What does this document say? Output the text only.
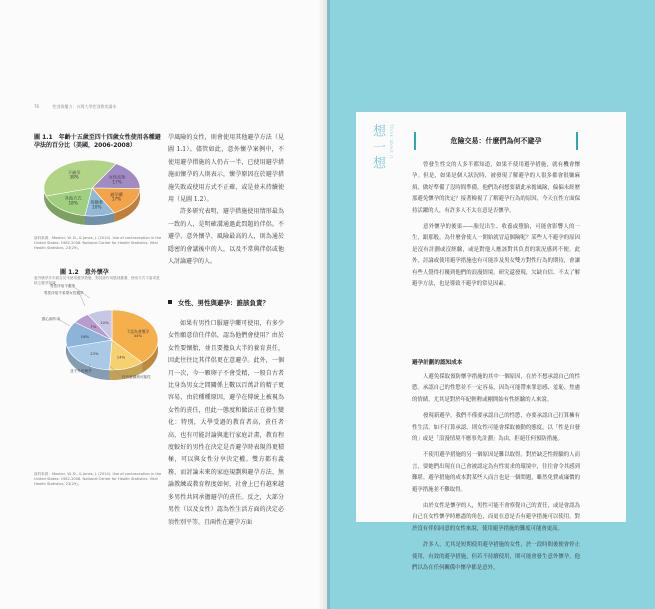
76	性別與權力：台灣大學性別教育讀本
圖 1.1　年齡十五歲至四十四歲女性使用各種避孕法的百分比（美國，2006-2008）
女性結紮
17%
避孕藥
17%
保險套
10%
其他方式
18%
不避孕
38%
資料來源：Mosher, W. D., & Jones, J. (2010). Use of contraception in the United States: 1982-2008. National Center for Health Statistics. Vital Health Statistics, 23(29)。
圖 1.2　意外懷孕
意外懷孕多半源自於未使用避孕措施、對其副作用感到憂慮、使用方式不當或是缺乏避孕知識
不認為會懷孕
44%
14%
23%
16%
7%
10%
男性伴侶不避孕
男性伴侶不希望女性避孕
擔心副作用
並不介意懷孕
沒有意識到可能性
資料來源：Mosher, W. D., & Jones, J. (2010). Use of contraception in the United States: 1982-2008. National Center for Health Statistics. Vital Health Statistics, 23(29)。

孕風險的女性，則會使用其他避孕方法（見圖 1.1）。儘管如此，意外懷孕案例中，不使用避孕措施的人仍占一半，已使用避孕措施而懷孕的人則表示，懷孕原因在於避孕措施失敗或使用方式不正確，或是並未持續使用（見圖 1.2）。

許多研究表明，避孕措施使用情形最為一致的人，是明確溝通過此問題的伴侶。不避孕、意外懷孕、風險最高的人，則為通於隱密的會議後中的人，以及不常與伴侶或他人討論避孕的人。

女性、男性與避孕：誰該負責？

如果有男性口服避孕藥可使用，有多少女性願意信任伴侶，認為他們會使用？由於女性要懷胎，並且要擔負大半的養育責任，因此往往比其伴侶更在意避孕。此外，一個月一次，今一顆卵子不會受精，一般自古者比身為男女之間關係上數以百萬計的精子更容易，由於種種原因，避孕在傳統上被視為女性的責任，但此一態度和做法正在發生變化：特別，大學受過的教育者高，責任者高，也有可能討論與進行家庭計畫，教育程度較好的男性在決定是否避孕時表現得更積極，可以與女性分享決定權。雙方都有義務，而討論未來的家庭規劃與避孕方法、無論教練或教育程度如何，社會上已有越來越多男性共同承擔避孕的責任。反之，大部分男性（以及女性）認為性生活方面的決定必須性別平等，且兩性在避孕方面

想一想	Think about it	危險交易：什麼們為何不避孕

曾發生性交的人多半都知道，如果不使用避孕措施，就有機會懷孕。但是，如果是個人狀況時，被發現了解避孕的人很多都會很嫌麻煩，做好準備了沒時間準備。他們為何想要藉此承擔風險，偏偏未經歷那避免懷孕的決定？接著檢視了了解避孕行為的原因，今天在性方面保持活躍的人，有許多人不太在意是否懷孕。

意外懷孕的後果——胎兒出生、收養或墮胎，可能會影響人的一生，跟那般，為什麼會使人一開始就冒這個險呢？某些人不避孕的原因是沒有計劃或沒經驗，或是對他人應該對其負責的狀況感到不便。此外，討論或使用避孕措施也有可能涉及男女雙方對性行為的期待，會讓有些人覺得打擾到他們的浪漫情境。研究還發現，欠缺自信、不太了解避孕方法，也是導致不避孕的常見因素。

避孕計劃的認知成本

人避免採取預防懷孕措施的其中一個原因，在於不想承認自己的性慾。承認自己的性慾並不一定容易，因為可能帶來罪惡感、羞恥、焦慮的情緒，尤其是對於年紀輕輕或剛開始有性經驗的人來說。

發現新避孕，我們不僅要承認自己的性慾，亦要承認自己打算擁有性生活。如不打算承認，則女性可能會採取被動的態度，以「性是自發的」或是「浪漫情境不應事先計劃」為由，拒絕任何預防措施。

不使用避孕措施的另一個原因是難以取得。對於缺乏性經驗的人而言，要她們出現在自己會被認定為有性需求的環境中，往往會令其感到難堪。避孕措施的成本對某些人而言也是一個問題，雖然免費或廉價的避孕措施並不難取得。

由於女性是懷孕的人，男性可能不會察覺自己的責任，或是會認為自己在女性懷孕時應盡的角色，而更在意是否有避孕措施可以使用。對於沒有伴侶同意的女性來說，使用避孕措施的難度可能會更高。

許多人，尤其是短期使用避孕措施的女性，於一段時間後便會停止使用，有效的避孕措施，但若不持續使用，則可能會發生意外懷孕。他們以為在任何關係中懷孕都是意外。
